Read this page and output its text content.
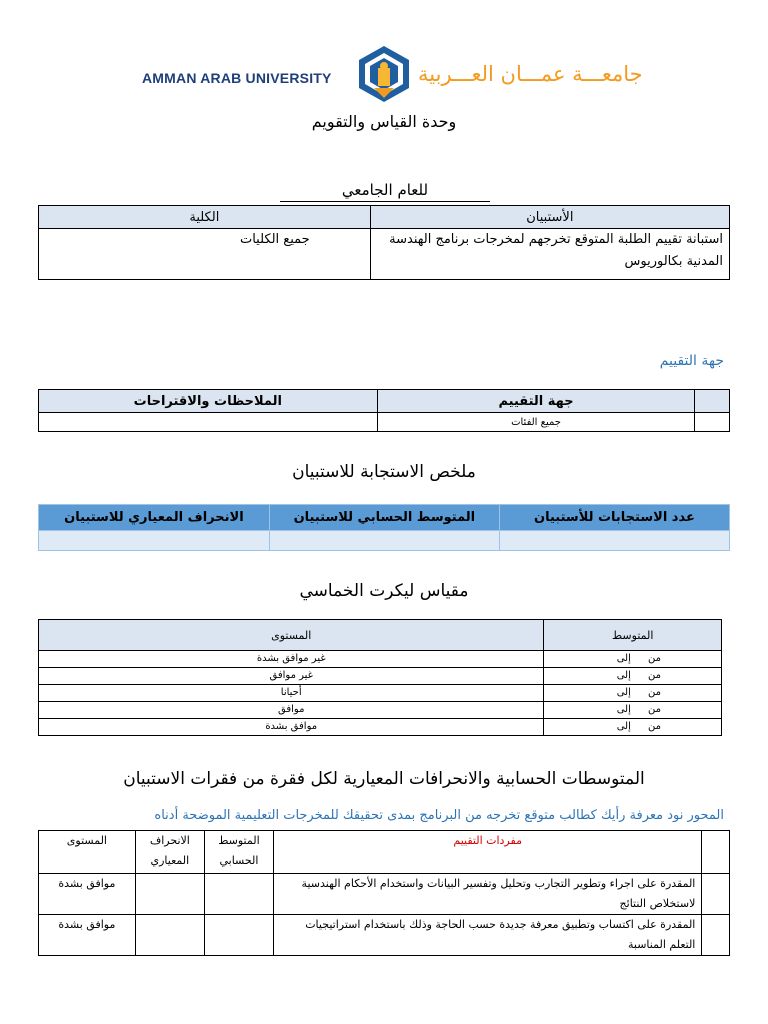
AMMAN ARAB UNIVERSITY	جامعـــة عمـــان العـــربية
وحدة القياس والتقويم
للعام الجامعي
الأستبيان	الكلية
استبانة تقييم الطلبة المتوقع تخرجهم لمخرجات برنامج الهندسة المدنية بكالوريوس	جميع الكليات
جهة التقييم
	جهة التقييم	الملاحظات والاقتراحات
	جميع الفئات	
ملخص الاستجابة للاستبيان
عدد الاستجابات للأستبيان	المتوسط الحسابي للاستبيان	الانحراف المعياري للاستبيان

مقياس ليكرت الخماسي
المتوسط	المستوى
من إلى	غير موافق بشدة
من إلى	غير موافق
من إلى	أحيانا
من إلى	موافق
من إلى	موافق بشدة
المتوسطات الحسابية والانحرافات المعيارية لكل فقرة من فقرات الاستبيان
المحور نود معرفة رأيك كطالب متوقع تخرجه من البرنامج بمدى تحقيقك للمخرجات التعليمية الموضحة أدناه
	مفردات التقييم	المتوسط الحسابي	الانحراف المعياري	المستوى
	المقدرة على اجراء وتطوير التجارب وتحليل وتفسير البيانات واستخدام الأحكام الهندسية لاستخلاص النتائج			موافق بشدة
	المقدرة على اكتساب وتطبيق معرفة جديدة حسب الحاجة وذلك باستخدام استراتيجيات التعلم المناسبة			موافق بشدة
